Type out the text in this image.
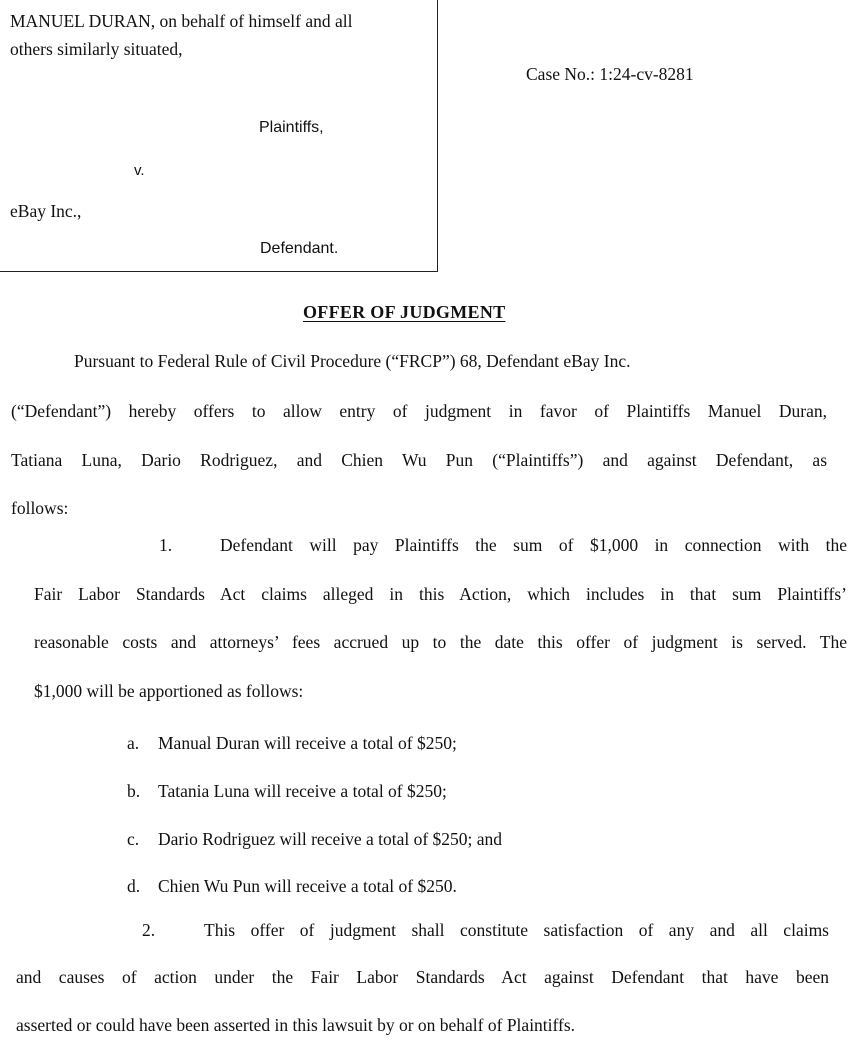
MANUEL DURAN, on behalf of himself and all
others similarly situated,
Plaintiffs,
v.
eBay Inc.,
Defendant.
Case No.: 1:24-cv-8281
OFFER OF JUDGMENT
Pursuant to Federal Rule of Civil Procedure (“FRCP”) 68, Defendant eBay Inc.
(“Defendant”) hereby offers to allow entry of judgment in favor of Plaintiffs Manuel Duran,
Tatiana Luna, Dario Rodriguez, and Chien Wu Pun (“Plaintiffs”) and against Defendant, as
follows:
1.	Defendant will pay Plaintiffs the sum of $1,000 in connection with the
Fair Labor Standards Act claims alleged in this Action, which includes in that sum Plaintiffs’
reasonable costs and attorneys’ fees accrued up to the date this offer of judgment is served. The
$1,000 will be apportioned as follows:
a. Manual Duran will receive a total of $250;
b. Tatania Luna will receive a total of $250;
c. Dario Rodriguez will receive a total of $250; and
d. Chien Wu Pun will receive a total of $250.
2.	This offer of judgment shall constitute satisfaction of any and all claims
and causes of action under the Fair Labor Standards Act against Defendant that have been
asserted or could have been asserted in this lawsuit by or on behalf of Plaintiffs.
